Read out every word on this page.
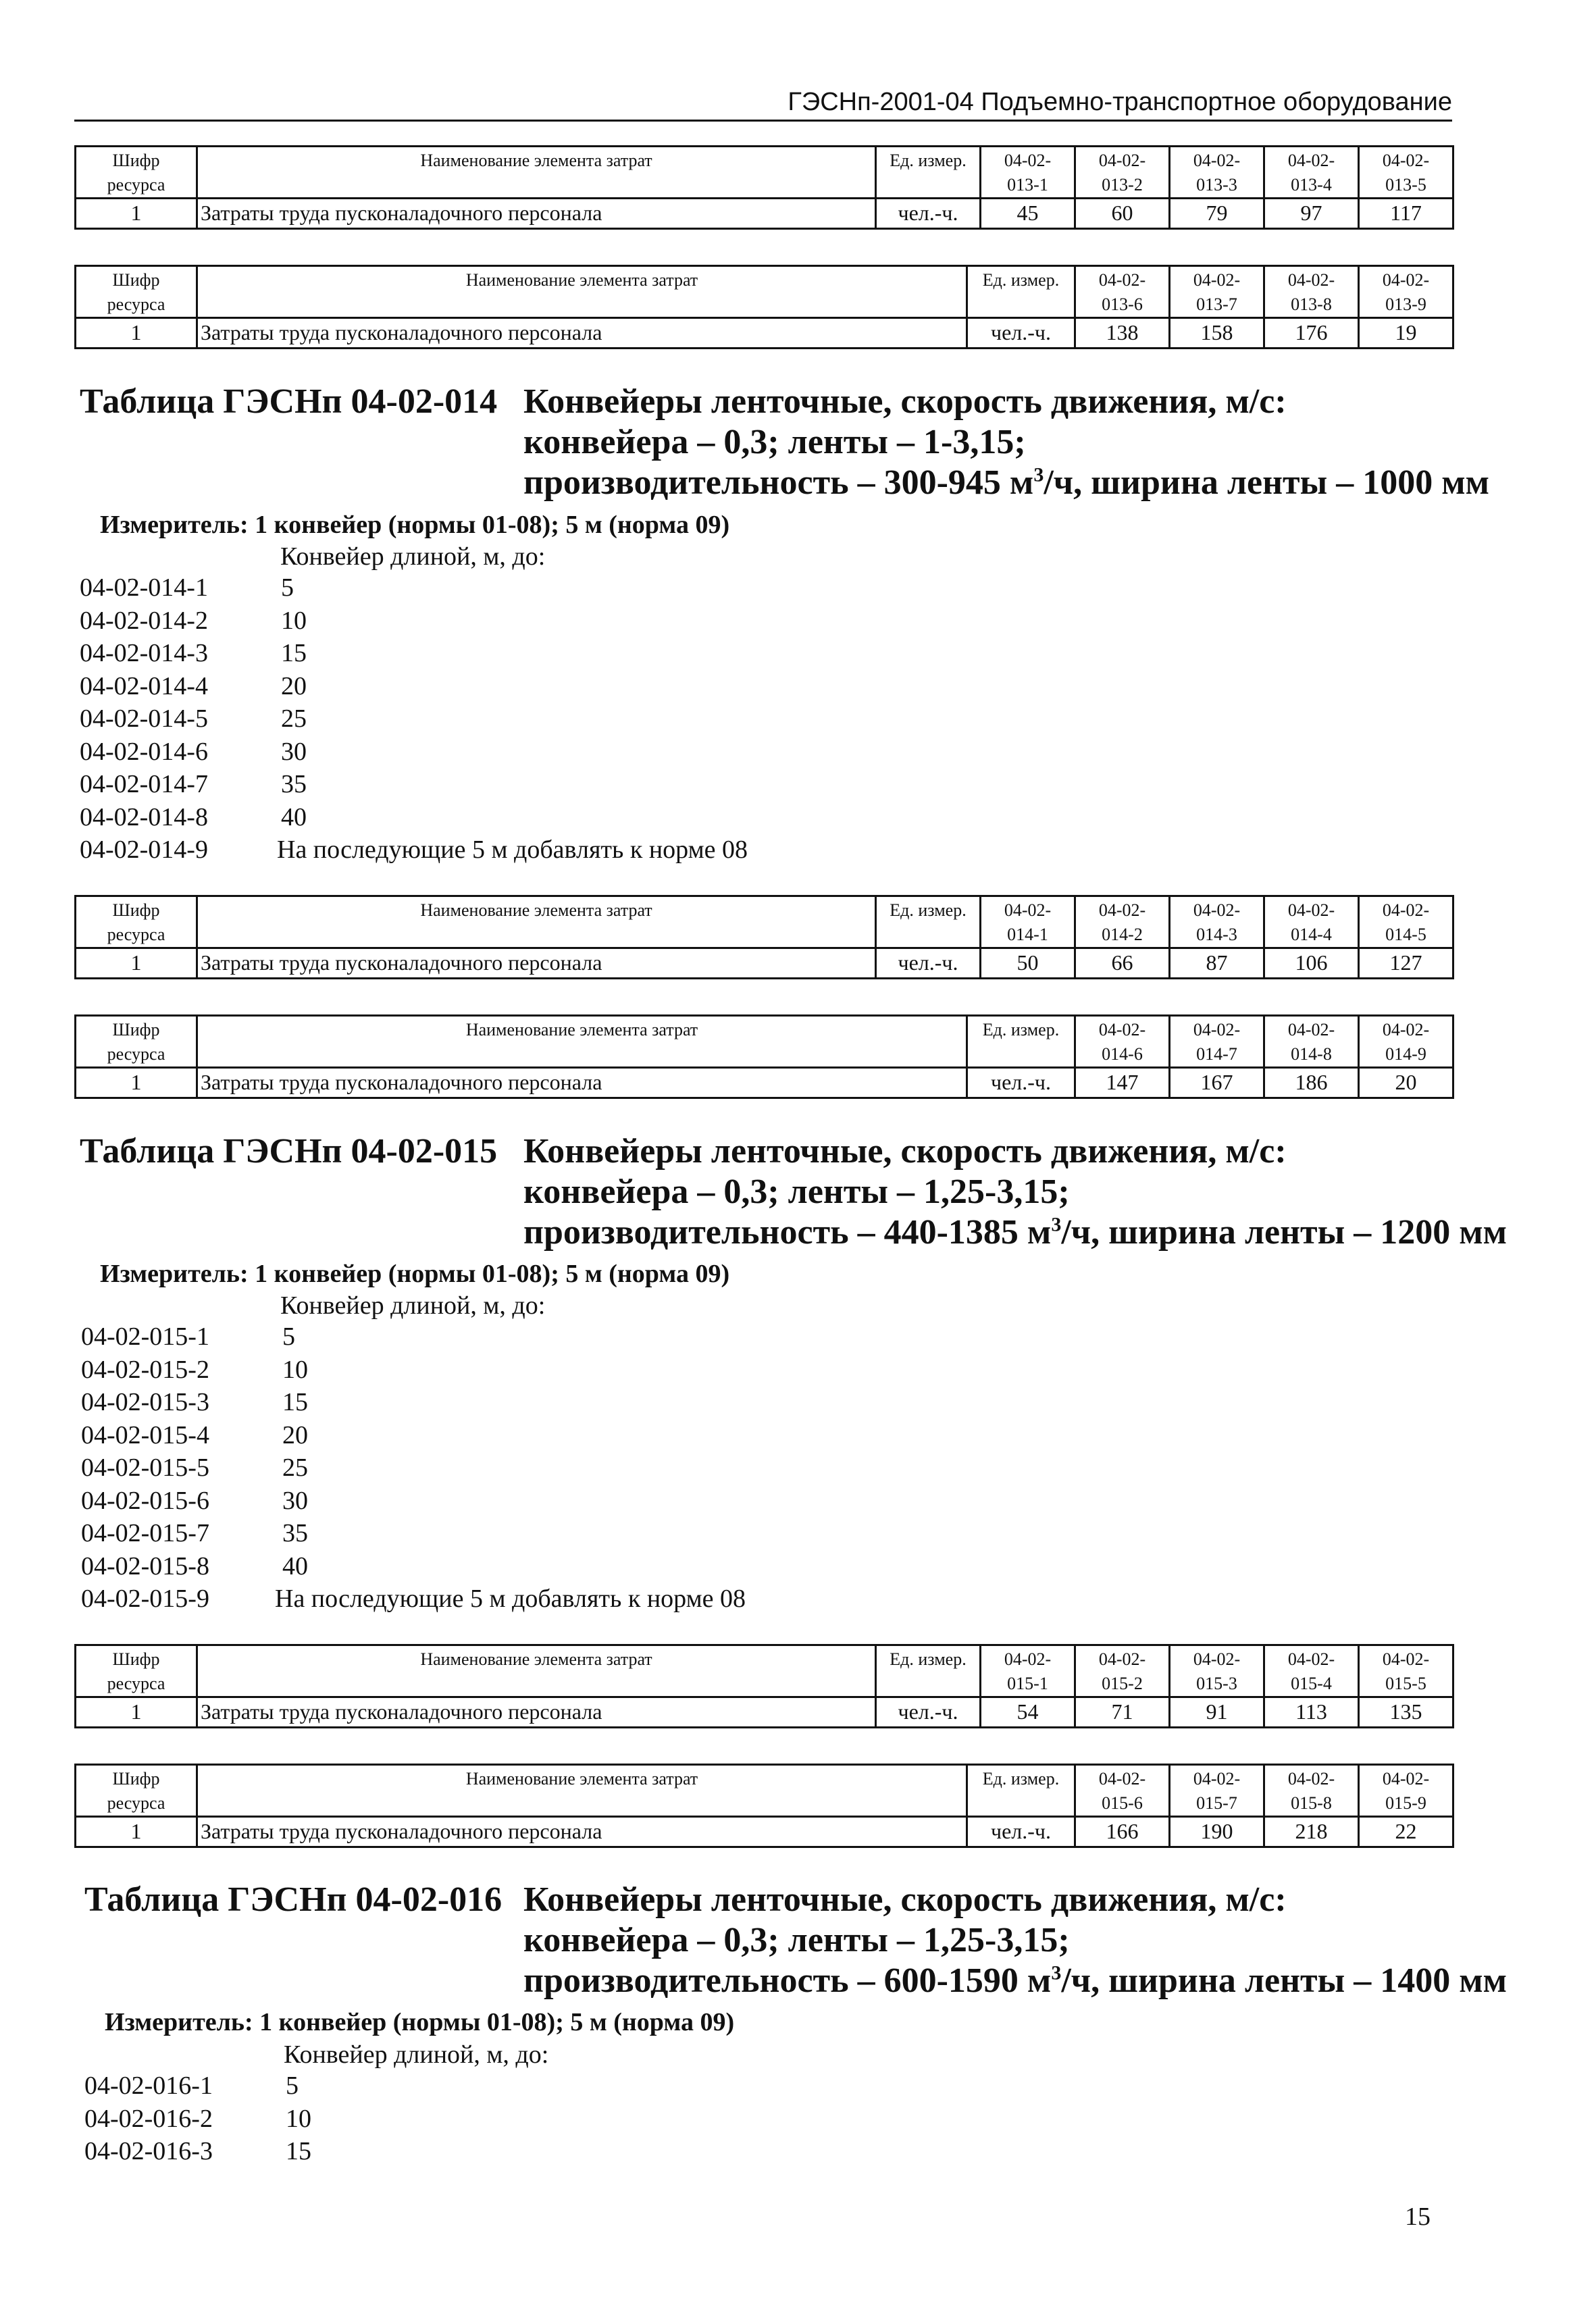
ГЭСНп-2001-04 Подъемно-транспортное оборудование
Шифр	Наименование элемента затрат	Ед. измер.	04-02-	04-02-	04-02-	04-02-	04-02-
ресурса			013-1	013-2	013-3	013-4	013-5
1	Затраты труда пусконаладочного персонала	чел.-ч.	45	60	79	97	117
Шифр	Наименование элемента затрат	Ед. измер.	04-02-	04-02-	04-02-	04-02-
ресурса			013-6	013-7	013-8	013-9
1	Затраты труда пусконаладочного персонала	чел.-ч.	138	158	176	19
Таблица ГЭСНп 04-02-014 Конвейеры ленточные, скорость движения, м/с:
конвейера – 0,3; ленты – 1-3,15;
производительность – 300-945 $м^3/ч$, ширина ленты – 1000 мм
Измеритель: 1 конвейер (нормы 01-08); 5 м (норма 09)
Конвейер длиной, м, до:
04-02-014-1	5
04-02-014-2	10
04-02-014-3	15
04-02-014-4	20
04-02-014-5	25
04-02-014-6	30
04-02-014-7	35
04-02-014-8	40
04-02-014-9	На последующие 5 м добавлять к норме 08
Шифр	Наименование элемента затрат	Ед. измер.	04-02-	04-02-	04-02-	04-02-	04-02-
ресурса			014-1	014-2	014-3	014-4	014-5
1	Затраты труда пусконаладочного персонала	чел.-ч.	50	66	87	106	127
Шифр	Наименование элемента затрат	Ед. измер.	04-02-	04-02-	04-02-	04-02-
ресурса			014-6	014-7	014-8	014-9
1	Затраты труда пусконаладочного персонала	чел.-ч.	147	167	186	20
Таблица ГЭСНп 04-02-015 Конвейеры ленточные, скорость движения, м/с:
конвейера – 0,3; ленты – 1,25-3,15;
производительность – 440-1385 $м^3/ч$, ширина ленты – 1200 мм
Измеритель: 1 конвейер (нормы 01-08); 5 м (норма 09)
Конвейер длиной, м, до:
04-02-015-1	5
04-02-015-2	10
04-02-015-3	15
04-02-015-4	20
04-02-015-5	25
04-02-015-6	30
04-02-015-7	35
04-02-015-8	40
04-02-015-9	На последующие 5 м добавлять к норме 08
Шифр	Наименование элемента затрат	Ед. измер.	04-02-	04-02-	04-02-	04-02-	04-02-
ресурса			015-1	015-2	015-3	015-4	015-5
1	Затраты труда пусконаладочного персонала	чел.-ч.	54	71	91	113	135
Шифр	Наименование элемента затрат	Ед. измер.	04-02-	04-02-	04-02-	04-02-
ресурса			015-6	015-7	015-8	015-9
1	Затраты труда пусконаладочного персонала	чел.-ч.	166	190	218	22
Таблица ГЭСНп 04-02-016 Конвейеры ленточные, скорость движения, м/с:
конвейера – 0,3; ленты – 1,25-3,15;
производительность – 600-1590 $м^3/ч$, ширина ленты – 1400 мм
Измеритель: 1 конвейер (нормы 01-08); 5 м (норма 09)
Конвейер длиной, м, до:
04-02-016-1	5
04-02-016-2	10
04-02-016-3	15
15
